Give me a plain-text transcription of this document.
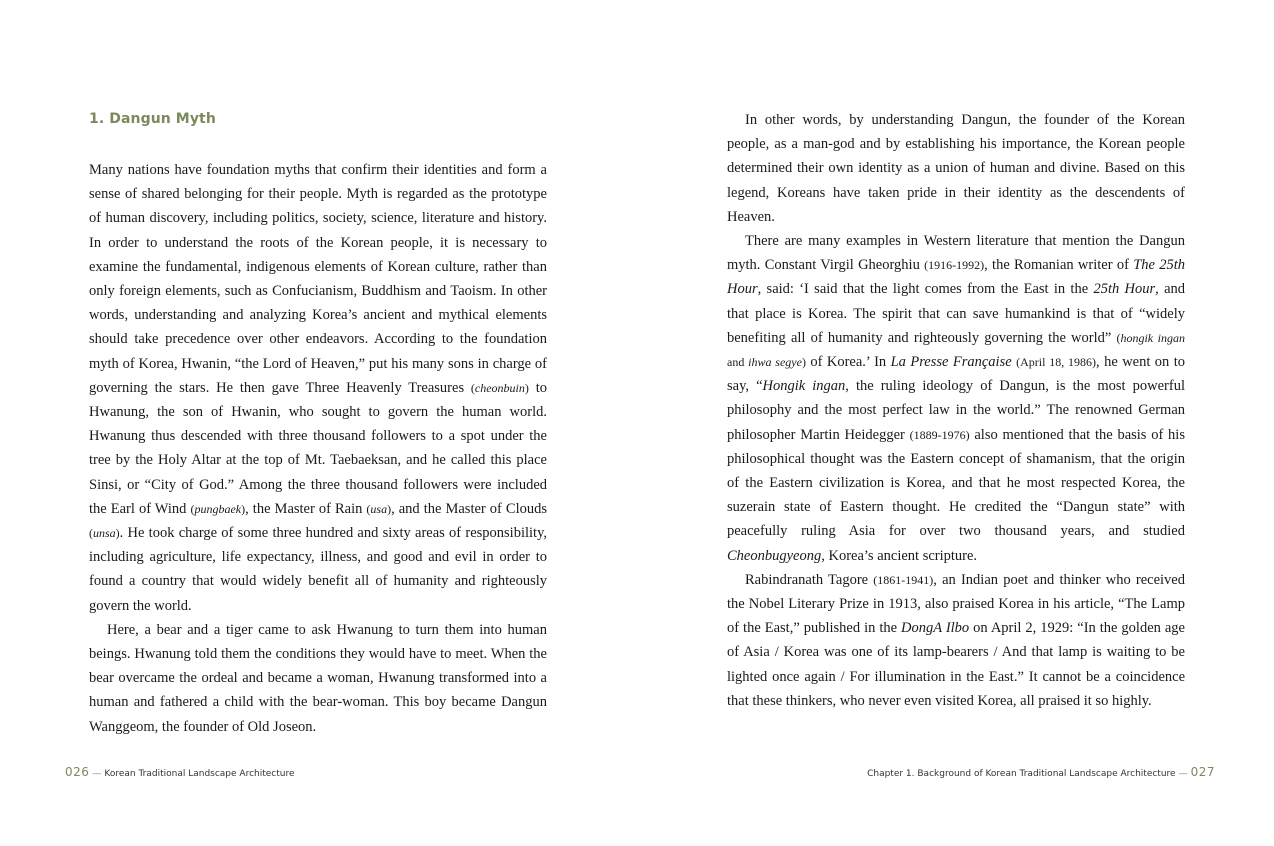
1. Dangun Myth

Many nations have foundation myths that confirm their identities and form a sense of shared belonging for their people. Myth is regarded as the prototype of human discovery, including politics, society, science, literature and history. In order to understand the roots of the Korean people, it is necessary to examine the fundamental, indigenous elements of Korean culture, rather than only foreign elements, such as Confucianism, Buddhism and Taoism. In other words, understanding and analyzing Korea’s ancient and mythical elements should take precedence over other endeavors. According to the foundation myth of Korea, Hwanin, “the Lord of Heaven,” put his many sons in charge of governing the stars. He then gave Three Heavenly Treasures (cheonbuin) to Hwanung, the son of Hwanin, who sought to govern the human world. Hwanung thus descended with three thousand followers to a spot under the tree by the Holy Altar at the top of Mt. Taebaeksan, and he called this place Sinsi, or “City of God.” Among the three thousand followers were included the Earl of Wind (pungbaek), the Master of Rain (usa), and the Master of Clouds (unsa). He took charge of some three hundred and sixty areas of responsibility, including agriculture, life expectancy, illness, and good and evil in order to found a country that would widely benefit all of humanity and righteously govern the world.

Here, a bear and a tiger came to ask Hwanung to turn them into human beings. Hwanung told them the conditions they would have to meet. When the bear overcame the ordeal and became a woman, Hwanung transformed into a human and fathered a child with the bear-woman. This boy became Dangun Wanggeom, the founder of Old Joseon.

026 — Korean Traditional Landscape Architecture

In other words, by understanding Dangun, the founder of the Korean people, as a man-god and by establishing his importance, the Korean people determined their own identity as a union of human and divine. Based on this legend, Koreans have taken pride in their identity as the descendents of Heaven.

There are many examples in Western literature that mention the Dangun myth. Constant Virgil Gheorghiu (1916-1992), the Romanian writer of The 25th Hour, said: ‘I said that the light comes from the East in the 25th Hour, and that place is Korea. The spirit that can save humankind is that of “widely benefiting all of humanity and righteously governing the world” (hongik ingan and ihwa segye) of Korea.’ In La Presse Française (April 18, 1986), he went on to say, “Hongik ingan, the ruling ideology of Dangun, is the most powerful philosophy and the most perfect law in the world.” The renowned German philosopher Martin Heidegger (1889-1976) also mentioned that the basis of his philosophical thought was the Eastern concept of shamanism, that the origin of the Eastern civilization is Korea, and that he most respected Korea, the suzerain state of Eastern thought. He credited the “Dangun state” with peacefully ruling Asia for over two thousand years, and studied Cheonbugyeong, Korea’s ancient scripture.

Rabindranath Tagore (1861-1941), an Indian poet and thinker who received the Nobel Literary Prize in 1913, also praised Korea in his article, “The Lamp of the East,” published in the DongA Ilbo on April 2, 1929: “In the golden age of Asia / Korea was one of its lamp-bearers / And that lamp is waiting to be lighted once again / For illumination in the East.” It cannot be a coincidence that these thinkers, who never even visited Korea, all praised it so highly.

Chapter 1. Background of Korean Traditional Landscape Architecture — 027
